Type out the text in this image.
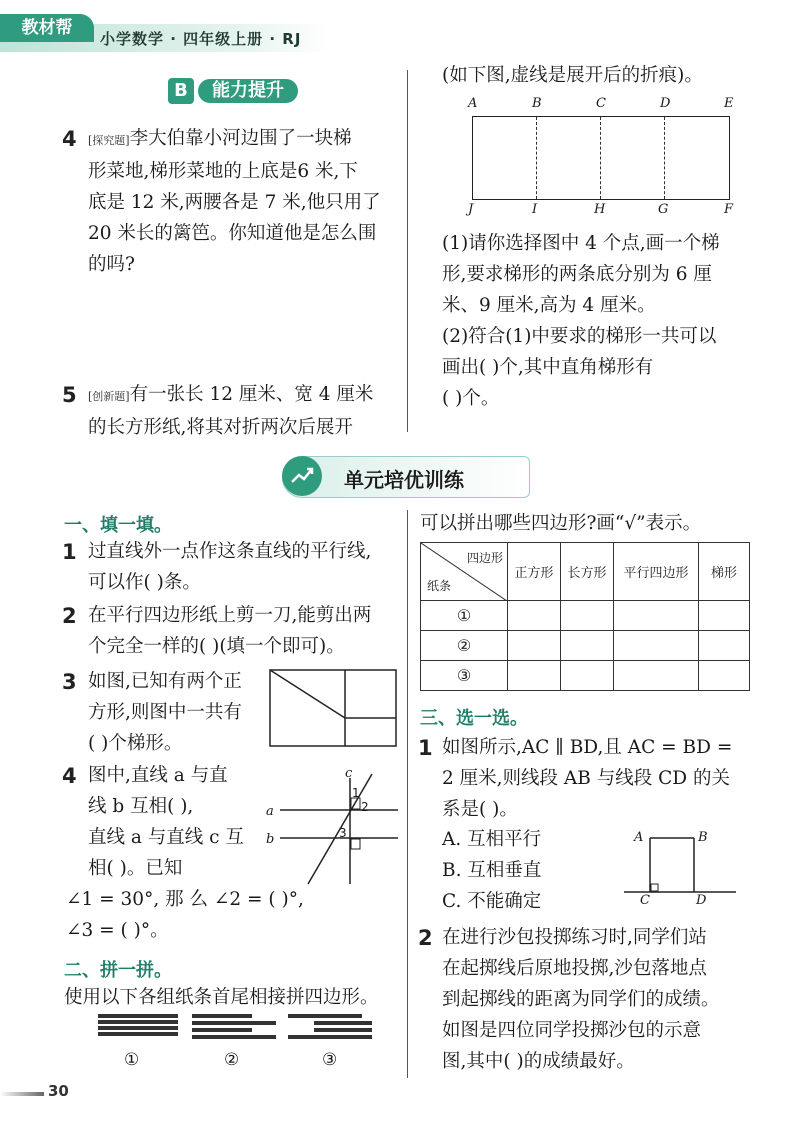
教材帮
小学数学 · 四年级上册 · RJ
B	能力提升
4 [探究题]李大伯靠小河边围了一块梯
形菜地,梯形菜地的上底是6 米,下
底是 12 米,两腰各是 7 米,他只用了
20 米长的篱笆。你知道他是怎么围
的吗?
5 [创新题]有一张长 12 厘米、宽 4 厘米
的长方形纸,将其对折两次后展开
(如下图,虚线是展开后的折痕)。
A	B	C	D	E
J	I	H	G	F
(1)请你选择图中 4 个点,画一个梯
形,要求梯形的两条底分别为 6 厘
米、9 厘米,高为 4 厘米。
(2)符合(1)中要求的梯形一共可以
画出( )个,其中直角梯形有
( )个。
单元培优训练
一、填一填。
1 过直线外一点作这条直线的平行线,
可以作( )条。
2 在平行四边形纸上剪一刀,能剪出两
个完全一样的( )(填一个即可)。
3 如图,已知有两个正
方形,则图中一共有
( )个梯形。
4 图中,直线 a 与直
线 b 互相( ),
直线 a 与直线 c 互
相( )。已知
∠1 = 30°, 那 么 ∠2 = ( )°,
∠3 = ( )°。
c
a
b
1
2
3
二、拼一拼。
使用以下各组纸条首尾相接拼四边形。
①	②	③
可以拼出哪些四边形?画“√”表示。
四边形
纸条	正方形	长方形	平行四边形	梯形
①				
②				
③				
三、选一选。
1 如图所示,AC ∥ BD,且 AC = BD =
2 厘米,则线段 AB 与线段 CD 的关
系是( )。
A. 互相平行
B. 互相垂直
C. 不能确定
A	B
C	D
2 在进行沙包投掷练习时,同学们站
在起掷线后原地投掷,沙包落地点
到起掷线的距离为同学们的成绩。
如图是四位同学投掷沙包的示意
图,其中( )的成绩最好。
30
